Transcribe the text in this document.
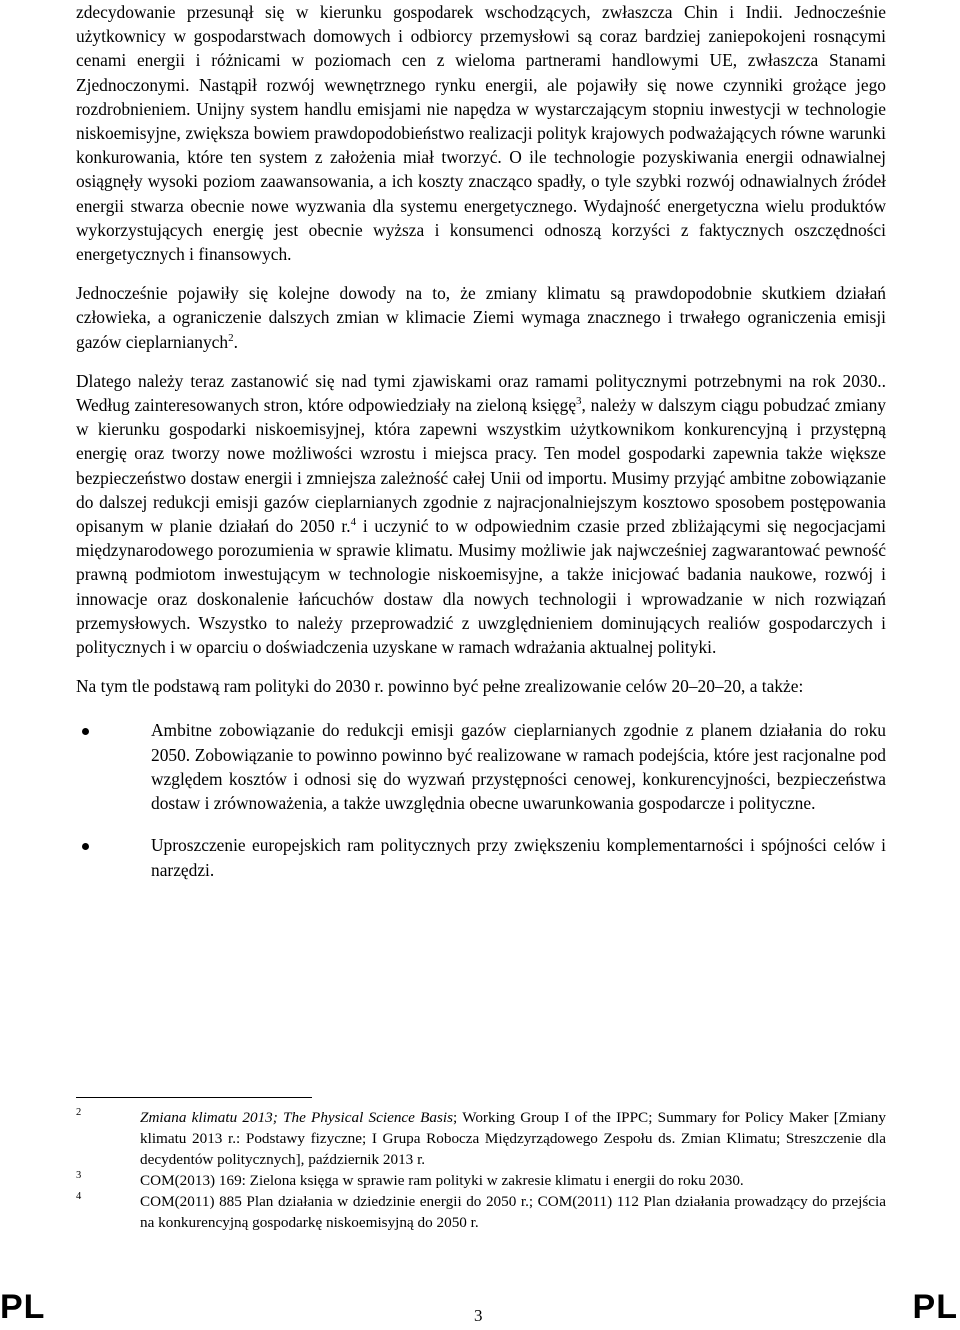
zdecydowanie przesunął się w kierunku gospodarek wschodzących, zwłaszcza Chin i Indii. Jednocześnie użytkownicy w gospodarstwach domowych i odbiorcy przemysłowi są coraz bardziej zaniepokojeni rosnącymi cenami energii i różnicami w poziomach cen z wieloma partnerami handlowymi UE, zwłaszcza Stanami Zjednoczonymi. Nastąpił rozwój wewnętrznego rynku energii, ale pojawiły się nowe czynniki grożące jego rozdrobnieniem. Unijny system handlu emisjami nie napędza w wystarczającym stopniu inwestycji w technologie niskoemisyjne, zwiększa bowiem prawdopodobieństwo realizacji polityk krajowych podważających równe warunki konkurowania, które ten system z założenia miał tworzyć. O ile technologie pozyskiwania energii odnawialnej osiągnęły wysoki poziom zaawansowania, a ich koszty znacząco spadły, o tyle szybki rozwój odnawialnych źródeł energii stwarza obecnie nowe wyzwania dla systemu energetycznego. Wydajność energetyczna wielu produktów wykorzystujących energię jest obecnie wyższa i konsumenci odnoszą korzyści z faktycznych oszczędności energetycznych i finansowych.

Jednocześnie pojawiły się kolejne dowody na to, że zmiany klimatu są prawdopodobnie skutkiem działań człowieka, a ograniczenie dalszych zmian w klimacie Ziemi wymaga znacznego i trwałego ograniczenia emisji gazów cieplarnianych$^2$.

Dlatego należy teraz zastanowić się nad tymi zjawiskami oraz ramami politycznymi potrzebnymi na rok 2030.. Według zainteresowanych stron, które odpowiedziały na zieloną księgę$^3$, należy w dalszym ciągu pobudzać zmiany w kierunku gospodarki niskoemisyjnej, która zapewni wszystkim użytkownikom konkurencyjną i przystępną energię oraz tworzy nowe możliwości wzrostu i miejsca pracy. Ten model gospodarki zapewnia także większe bezpieczeństwo dostaw energii i zmniejsza zależność całej Unii od importu. Musimy przyjąć ambitne zobowiązanie do dalszej redukcji emisji gazów cieplarnianych zgodnie z najracjonalniejszym kosztowo sposobem postępowania opisanym w planie działań do 2050 r.$^4$ i uczynić to w odpowiednim czasie przed zbliżającymi się negocjacjami międzynarodowego porozumienia w sprawie klimatu. Musimy możliwie jak najwcześniej zagwarantować pewność prawną podmiotom inwestującym w technologie niskoemisyjne, a także inicjować badania naukowe, rozwój i innowacje oraz doskonalenie łańcuchów dostaw dla nowych technologii i wprowadzanie w nich rozwiązań przemysłowych. Wszystko to należy przeprowadzić z uwzględnieniem dominujących realiów gospodarczych i politycznych i w oparciu o doświadczenia uzyskane w ramach wdrażania aktualnej polityki.

Na tym tle podstawą ram polityki do 2030 r. powinno być pełne zrealizowanie celów 20–20–20, a także:

Ambitne zobowiązanie do redukcji emisji gazów cieplarnianych zgodnie z planem działania do roku 2050. Zobowiązanie to powinno powinno być realizowane w ramach podejścia, które jest racjonalne pod względem kosztów i odnosi się do wyzwań przystępności cenowej, konkurencyjności, bezpieczeństwa dostaw i zrównoważenia, a także uwzględnia obecne uwarunkowania gospodarcze i polityczne.

Uproszczenie europejskich ram politycznych przy zwiększeniu komplementarności i spójności celów i narzędzi.

2	Zmiana klimatu 2013; The Physical Science Basis; Working Group I of the IPPC; Summary for Policy Maker [Zmiany klimatu 2013 r.: Podstawy fizyczne; I Grupa Robocza Międzyrządowego Zespołu ds. Zmian Klimatu; Streszczenie dla decydentów politycznych], październik 2013 r.
3	COM(2013) 169: Zielona księga w sprawie ram polityki w zakresie klimatu i energii do roku 2030.
4	COM(2011) 885 Plan działania w dziedzinie energii do 2050 r.; COM(2011) 112 Plan działania prowadzący do przejścia na konkurencyjną gospodarkę niskoemisyjną do 2050 r.
PL	3	PL
